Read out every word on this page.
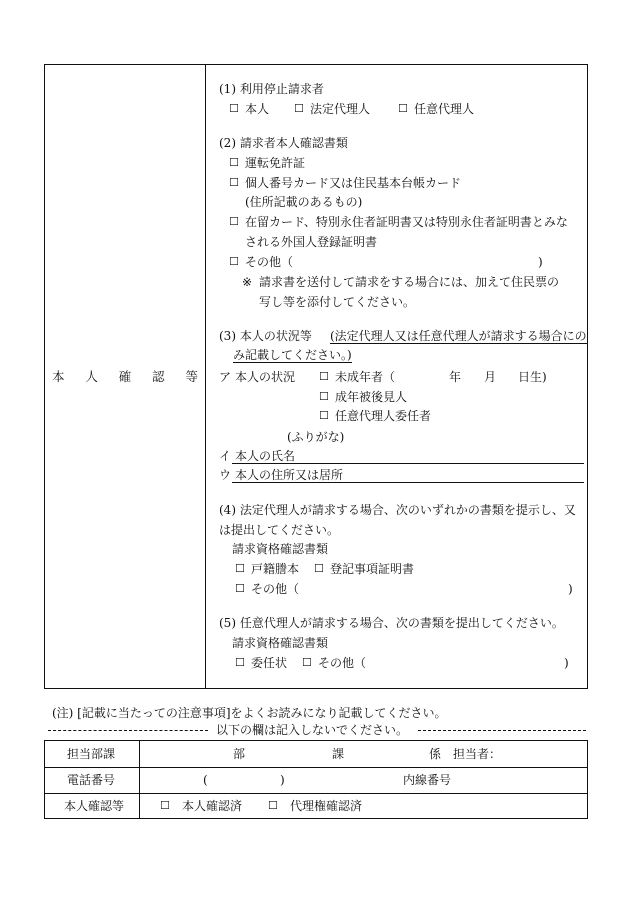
本 人 確 認 等
(1) 利用停止請求者
☐ 本人 ☐ 法定代理人	☐ 任意代理人
(2) 請求者本人確認書類
☐ 運転免許証
☐ 個人番号カード又は住民基本台帳カード
(住所記載のあるもの)
☐ 在留カード、特別永住者証明書又は特別永住者証明書とみな
される外国人登録証明書
☐ その他（	)
※ 請求書を送付して請求をする場合には、加えて住民票の
写し等を添付してください。
(3) 本人の状況等 (法定代理人又は任意代理人が請求する場合にの
み記載してください。)
ア 本人の状況 ☐ 未成年者（	年 月 日生)
☐ 成年被後見人
☐ 任意代理人委任者
(ふりがな)
イ 本人の氏名
ウ 本人の住所又は居所
(4) 法定代理人が請求する場合、次のいずれかの書類を提示し、又
は提出してください。
請求資格確認書類
☐ 戸籍謄本 ☐ 登記事項証明書
☐ その他（	)
(5) 任意代理人が請求する場合、次の書類を提出してください。
請求資格確認書類
☐ 委任状 ☐ その他（	)
(注) [記載に当たっての注意事項]をよくお読みになり記載してください。
以下の欄は記入しないでください。
担当部課	部	課	係 担当者：
電話番号	(	)	内線番号
本人確認等	☐ 本人確認済 ☐ 代理権確認済
